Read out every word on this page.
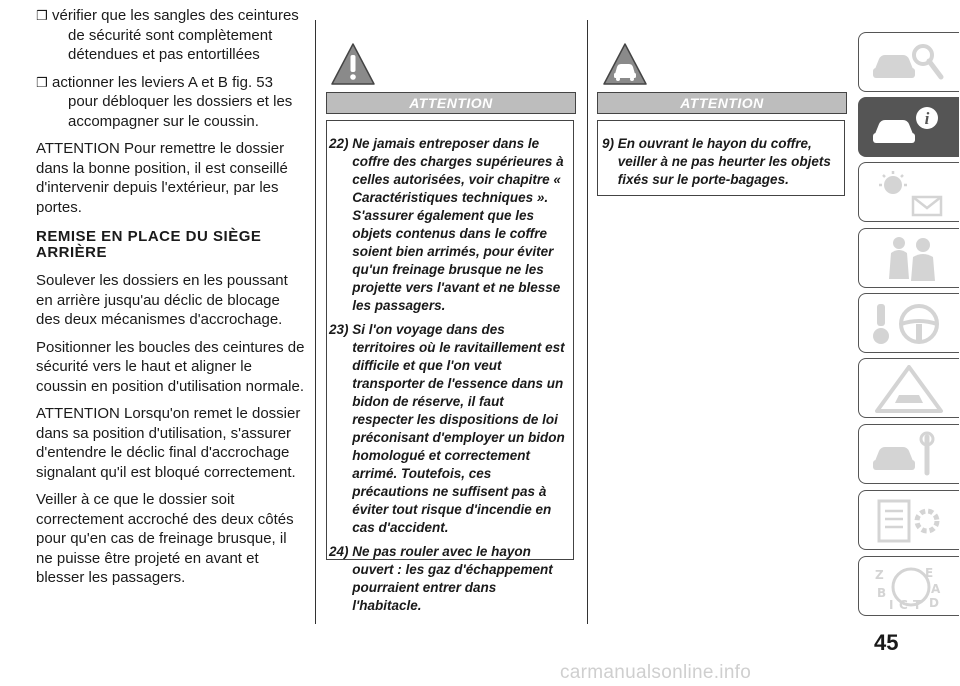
❒ vérifier que les sangles des ceintures
de sécurité sont complètement détendues et pas entortillées
❒ actionner les leviers A et B fig. 53
pour débloquer les dossiers et les accompagner sur le coussin.

ATTENTION Pour remettre le dossier dans la bonne position, il est conseillé d'intervenir depuis l'extérieur, par les portes.

REMISE EN PLACE DU SIÈGE ARRIÈRE

Soulever les dossiers en les poussant en arrière jusqu'au déclic de blocage des deux mécanismes d'accrochage.

Positionner les boucles des ceintures de sécurité vers le haut et aligner le coussin en position d'utilisation normale.

ATTENTION Lorsqu'on remet le dossier dans sa position d'utilisation, s'assurer d'entendre le déclic final d'accrochage signalant qu'il est bloqué correctement.

Veiller à ce que le dossier soit correctement accroché des deux côtés pour qu'en cas de freinage brusque, il ne puisse être projeté en avant et blesser les passagers.

ATTENTION
22) Ne jamais entreposer dans le coffre des charges supérieures à celles autorisées, voir chapitre « Caractéristiques techniques ». S'assurer également que les objets contenus dans le coffre soient bien arrimés, pour éviter qu'un freinage brusque ne les projette vers l'avant et ne blesse les passagers.
23) Si l'on voyage dans des territoires où le ravitaillement est difficile et que l'on veut transporter de l'essence dans un bidon de réserve, il faut respecter les dispositions de loi préconisant d'employer un bidon homologué et correctement arrimé. Toutefois, ces précautions ne suffisent pas à éviter tout risque d'incendie en cas d'accident.
24) Ne pas rouler avec le hayon ouvert : les gaz d'échappement pourraient entrer dans l'habitacle.
ATTENTION
9) En ouvrant le hayon du coffre, veiller à ne pas heurter les objets fixés sur le porte-bagages.
i
Z	E
A
B
I C T D
45
carmanualsonline.info
